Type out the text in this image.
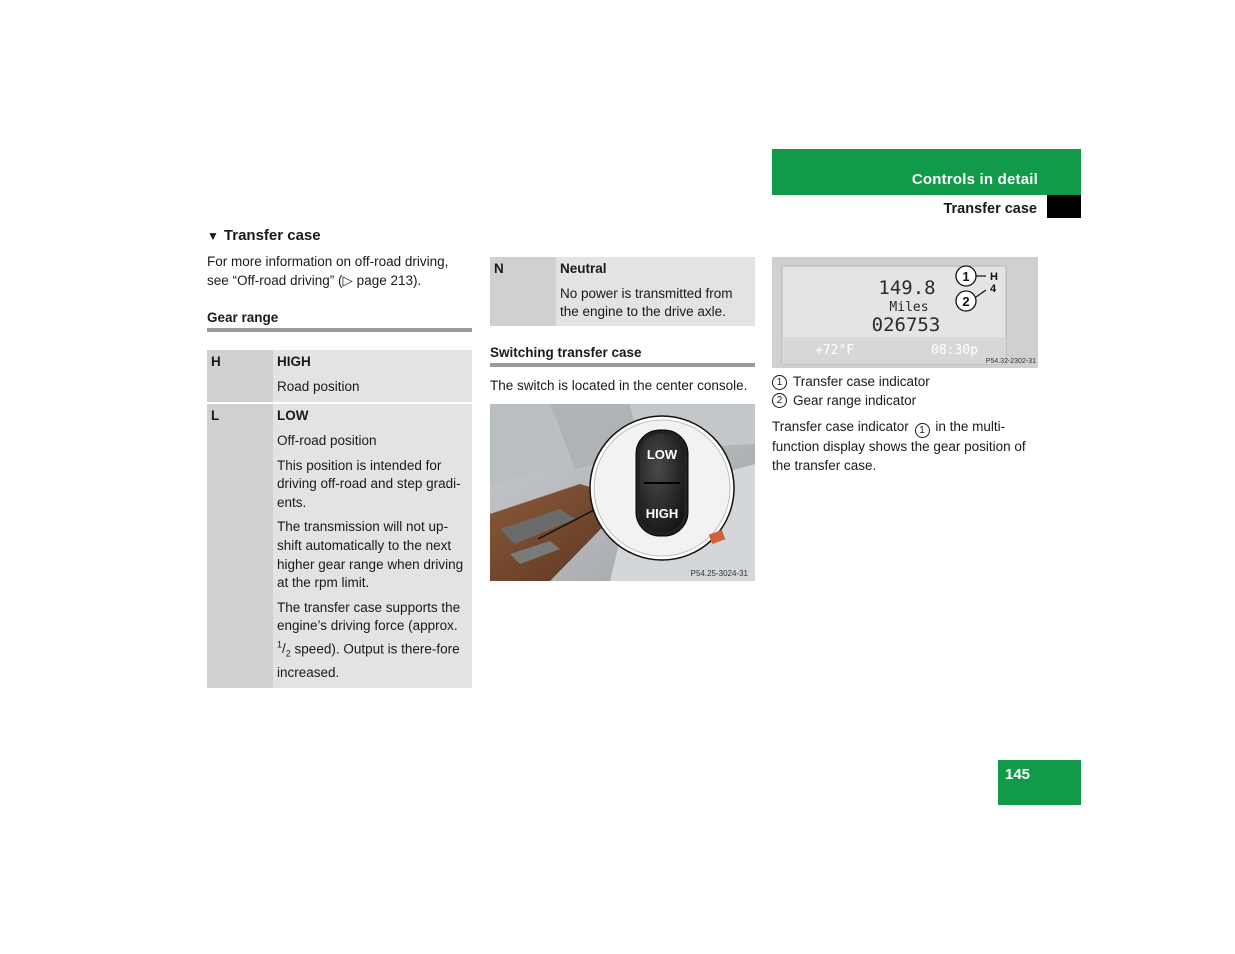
Controls in detail
Transfer case
▼ Transfer case
For more information on off-road driving, see “Off-road driving” (▷ page 213).
Gear range
H	HIGH
Road position

L	LOW
Off-road position
This position is intended for driving off-road and step gradi-ents.
The transmission will not up-shift automatically to the next higher gear range when driving at the rpm limit.
The transfer case supports the engine’s driving force (approx. $^1/_2$ speed). Output is there-fore increased.
N	Neutral
No power is transmitted from the engine to the drive axle.
Switching transfer case
The switch is located in the center console.
LOW
HIGH
P54.25-3024-31
149.8
Miles
026753
+72°F	08:30p
1
2
H
4
P54.32-2302-31
1 Transfer case indicator
2 Gear range indicator
Transfer case indicator 1 in the multi-function display shows the gear position of the transfer case.
145
